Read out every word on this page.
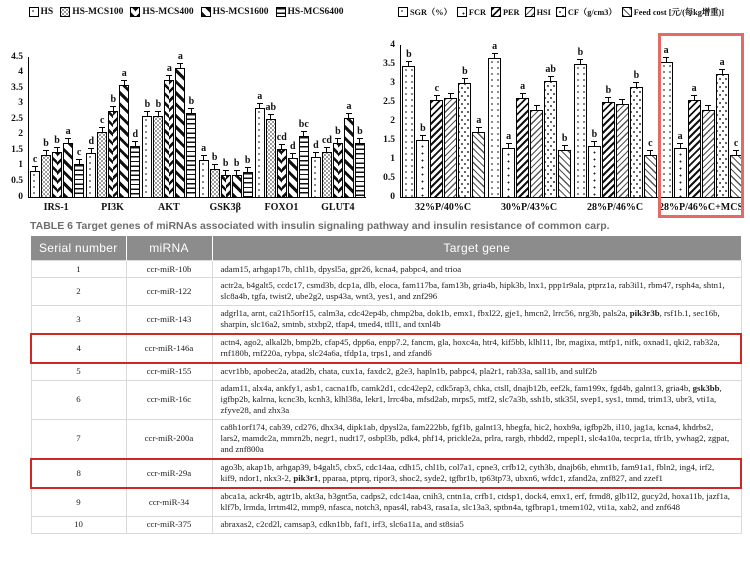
HS HS-MCS100 HS-MCS400 HS-MCS1600 HS-MCS6400
0
0.5
1
1.5
2
2.5
3
3.5
4
4.5
c
b b
a
c
d
c
b
a
d
b b
a
a
b
a
b
b b b
a
ab
cd
d
bc
d cd
b
a
b
IRS-1	PI3K	AKT	GSK3β	FOXO1	GLUT4
SGR（%） FCR PER HSI CF（g/cm3） Feed cost [元/(每kg增重)]
0
0.5
1
1.5
2
2.5
3
3.5
4
b
b
c
b
a
a
a
a
ab
b
b
b
b
b
c
a
a
a
a
c
32%P/40%C	30%P/43%C	28%P/46%C	28%P/46%C+MCS
TABLE 6 Target genes of miRNAs associated with insulin signaling pathway and insulin resistance of common carp.
Serial number	miRNA	Target gene
1	ccr-miR-10b	adam15, arhgap17b, chl1b, dpysl5a, gpr26, kcna4, pabpc4, and trioa
2	ccr-miR-122	actr2a, b4galt5, ccdc17, csmd3b, dcp1a, dlb, eloca, fam117ba, fam13b, gria4b, hipk3b, lnx1, ppp1r9ala, ptprz1a, rab3il1, rbm47, rsph4a, shtn1, slc8a4b, tgfa, twist2, ube2g2, usp43a, wnt3, yes1, and znf296
3	ccr-miR-143	adgrl1a, arnt, ca21h5orf15, calm3a, cdc42ep4b, chmp2ba, dok1b, emx1, fbxl22, gje1, hmcn2, lrrc56, nrg3b, pals2a, pik3r3b, rsf1b.1, sec16b, sharpin, slc16a2, smtnb, stxbp2, tfap4, tmed4, ttll1, and txnl4b
4	ccr-miR-146a	actn4, ago2, alkal2b, bmp2b, cfap45, dpp6a, enpp7.2, fancm, gla, hoxc4a, htr4, kif5bb, klhl11, lbr, magixa, mtfp1, nifk, oxnad1, qki2, rab32a, rnf180b, rnf220a, rybpa, slc24a6a, tfdp1a, trps1, and zfand6
5	ccr-miR-155	acvr1bb, apobec2a, atad2b, chata, cux1a, faxdc2, g2e3, hapln1b, pabpc4, pla2r1, rab33a, sall1b, and sulf2b
6	ccr-miR-16c	adam11, alx4a, ankfy1, asb1, cacna1fb, camk2d1, cdc42ep2, cdk5rap3, chka, ctsll, dnajb12b, eef2k, fam199x, fgd4b, galnt13, gria4b, gsk3bb, igfbp2b, kalrna, kcnc3b, kcnh3, klhl38a, lekr1, lrrc4ba, mfsd2ab, mrps5, mtf2, slc7a3b, ssh1b, stk35l, svep1, sys1, tnmd, trim13, ubr3, vti1a, zfyve28, and zhx3a
7	ccr-miR-200a	ca8h1orf174, cab39, cd276, dhx34, dipk1ab, dpysl2a, fam222bb, fgf1b, galnt13, hbegfa, hic2, hoxb9a, igfbp2b, il10, jag1a, kcna4, khdrbs2, lars2, mamdc2a, mmrn2b, negr1, nudt17, osbpl3b, pdk4, phf14, prickle2a, prlra, rargb, rhbdd2, rnpepl1, slc4a10a, tecpr1a, tfr1b, ywhag2, zgpat, and znf800a
8	ccr-miR-29a	ago3b, akap1b, arhgap39, b4galt5, cbx5, cdc14aa, cdh15, chl1b, col7a1, cpne3, crfb12, cyth3b, dnajb6b, ehmt1b, fam91a1, fbln2, ing4, irf2, kif9, ndor1, nkx3-2, pik3r1, pparaa, ptprq, ripor3, shoc2, syde2, tgfbr1b, tp63tp73, ubxn6, wfdc1, zfand2a, znf827, and zzef1
9	ccr-miR-34	abca1a, ackr4b, agtr1b, akt3a, b3gnt5a, cadps2, cdc14aa, cnih3, cntn1a, crfb1, ctdsp1, dock4, emx1, erf, frmd8, glb1l2, gucy2d, hoxa11b, jazf1a, klf7b, lrmda, lrrtm4l2, mmp9, nfasca, notch3, npas4l, rab43, rasa1a, slc13a3, sptbn4a, tgfbrap1, tmem102, vti1a, xab2, and znf648
10	ccr-miR-375	abraxas2, c2cd2l, camsap3, cdkn1bb, faf1, irf3, slc6a11a, and st8sia5
